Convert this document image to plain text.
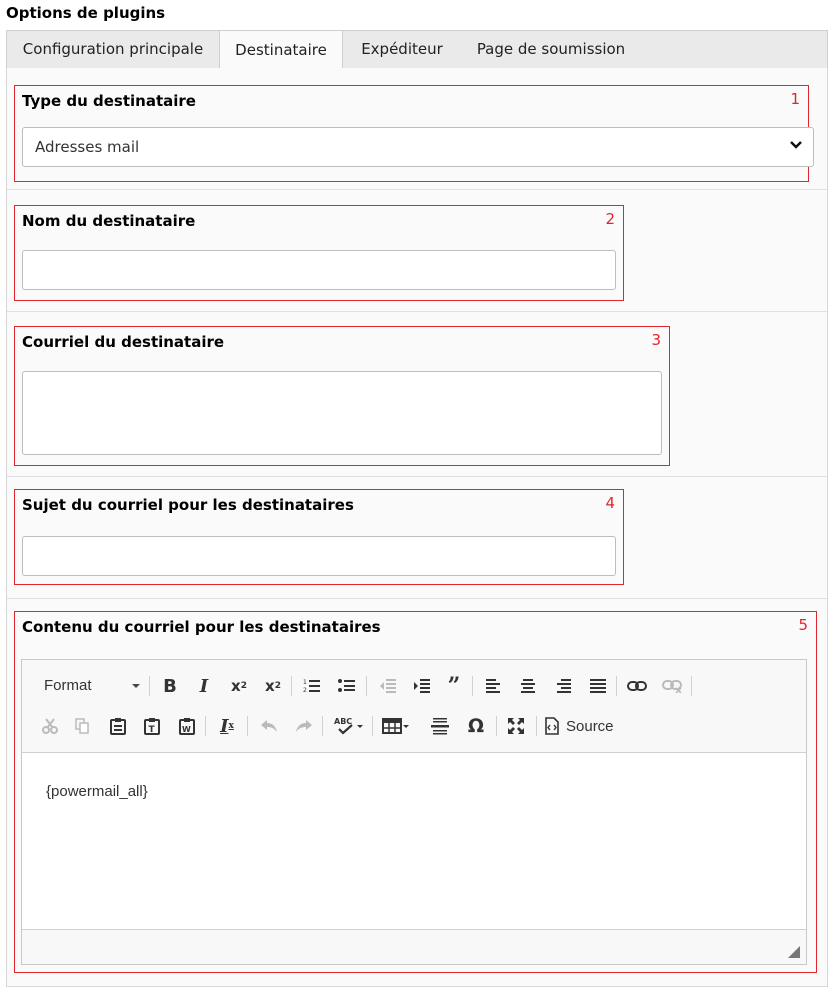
Options de plugins
Configuration principale	Destinataire	Expéditeur	Page de soumission
Type du destinataire	1
Adresses mail
Nom du destinataire	2
Courriel du destinataire	3
Sujet du courriel pour les destinataires	4
Contenu du courriel pour les destinataires	5
Format	B	I	x 2 x 2	1
2	”
T	W I x	ABC	Ω	Source
{powermail_all}
